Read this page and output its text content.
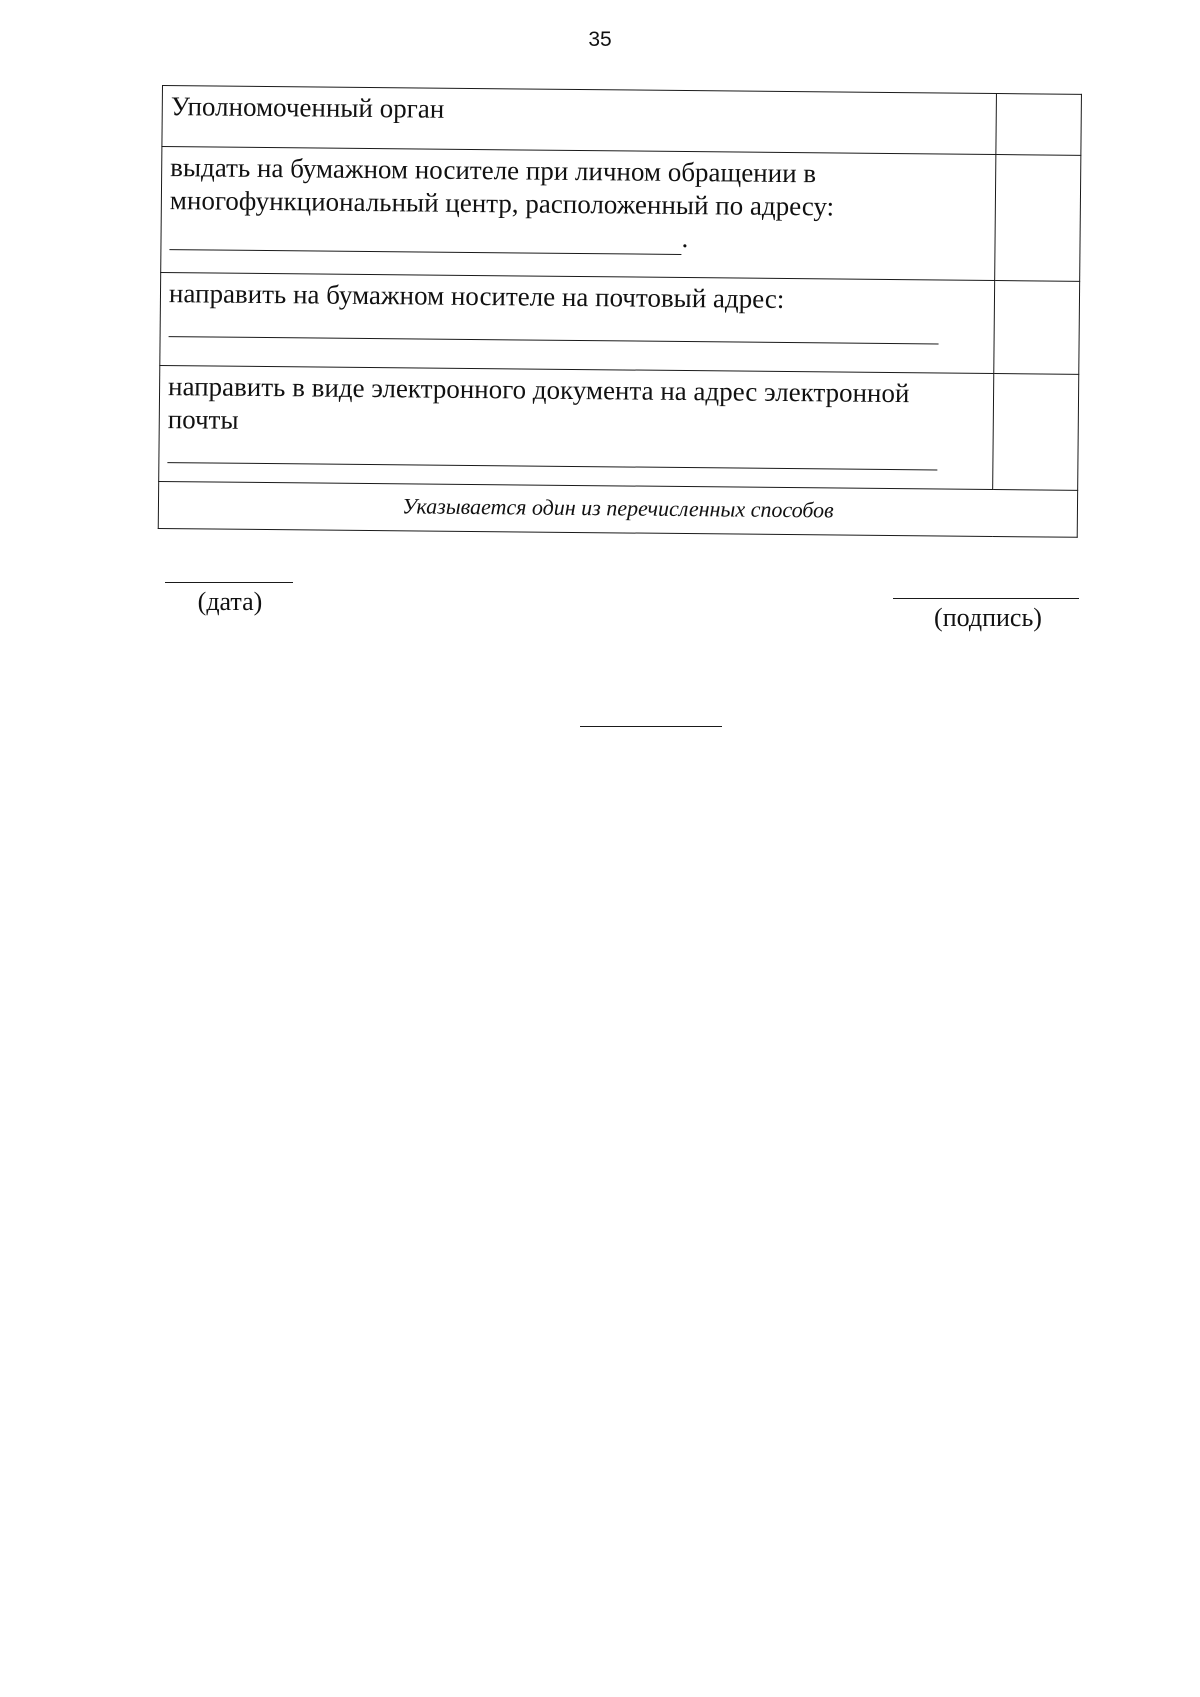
35
Уполномоченный орган	
выдать на бумажном носителе при личном обращении в многофункциональный центр, расположенный по адресу:
.	
направить на бумажном носителе на почтовый адрес:

направить в виде электронного документа на адрес электронной почты

Указывается один из перечисленных способов	
(дата)
(подпись)
